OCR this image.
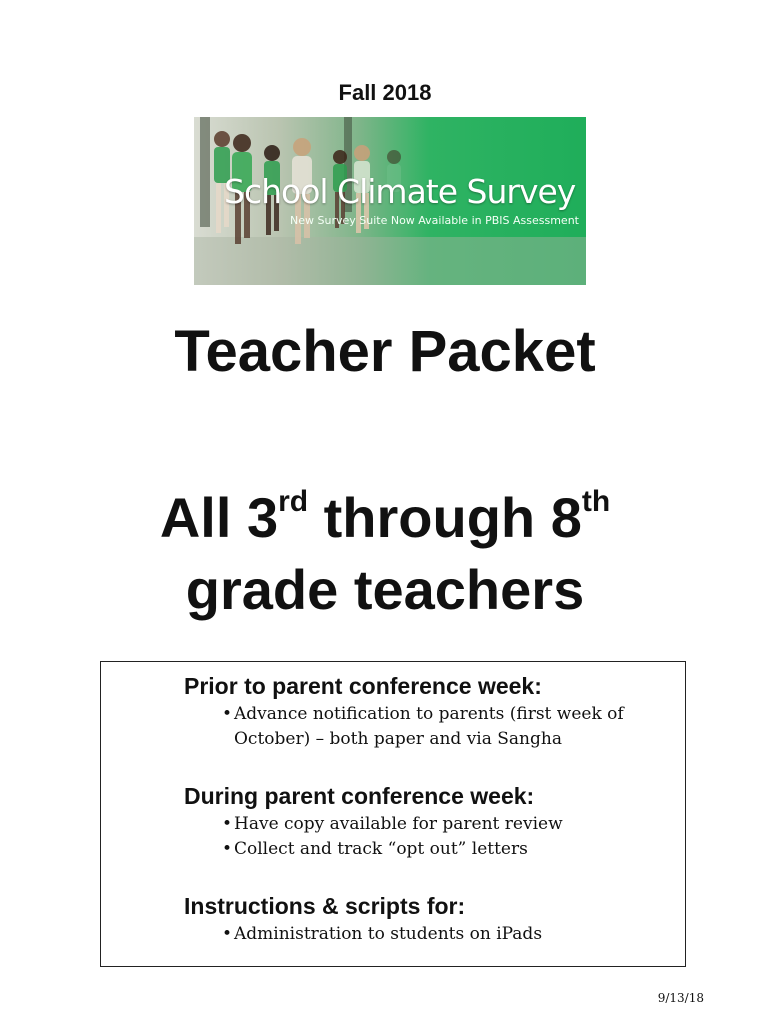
Fall 2018
School Climate Survey
New Survey Suite Now Available in PBIS Assessment
Teacher Packet
All 3rd through 8th
grade teachers
Prior to parent conference week:
• Advance notification to parents (first week of October) – both paper and via Sangha
During parent conference week:
• Have copy available for parent review
• Collect and track “opt out” letters
Instructions & scripts for:
• Administration to students on iPads
9/13/18
